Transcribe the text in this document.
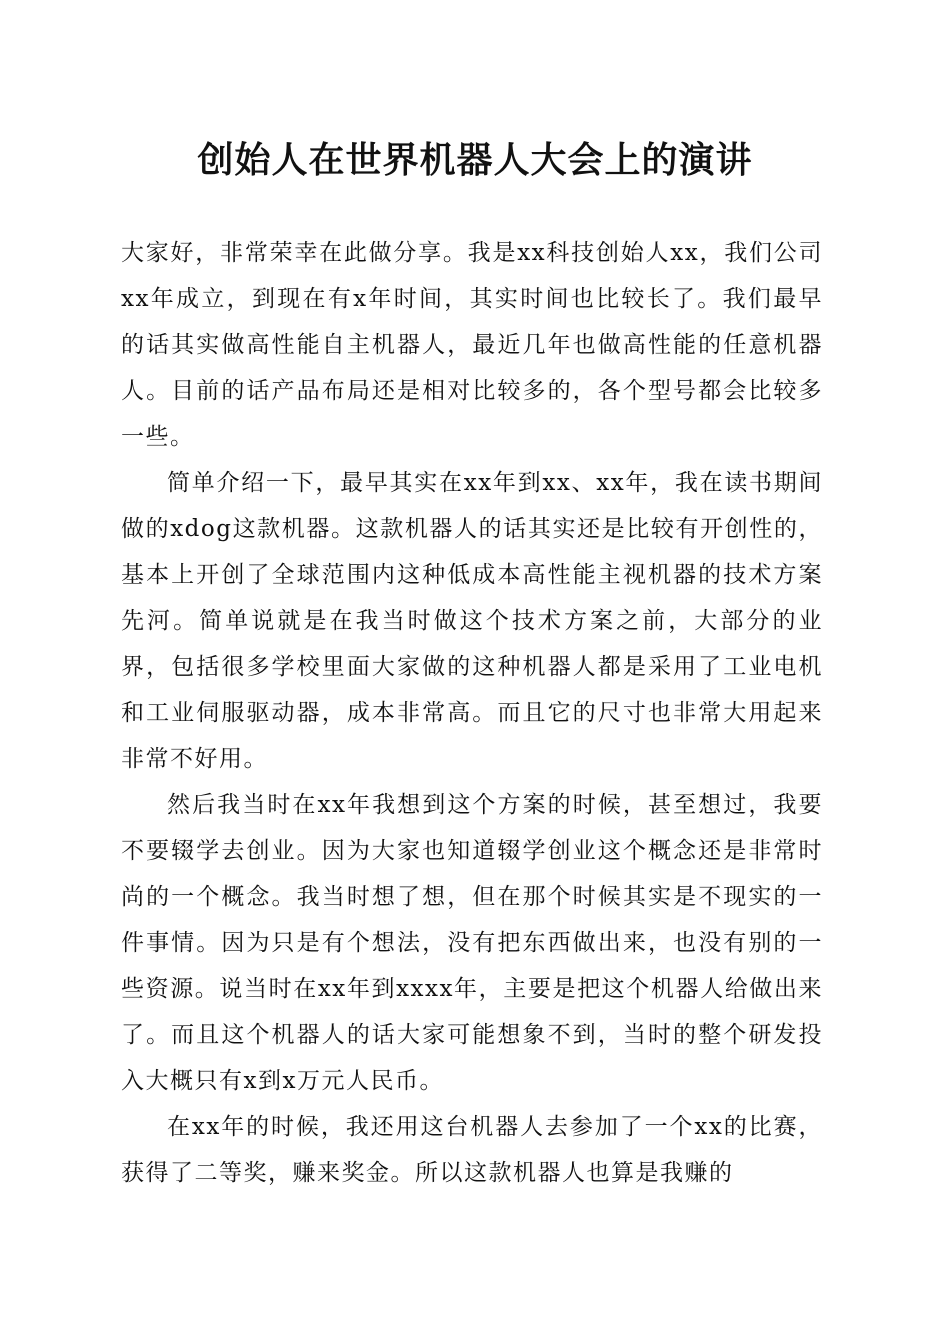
创始人在世界机器人大会上的演讲

大家好，非常荣幸在此做分享。我是xx科技创始人xx，我们公司xx年成立，到现在有x年时间，其实时间也比较长了。我们最早的话其实做高性能自主机器人，最近几年也做高性能的任意机器人。目前的话产品布局还是相对比较多的，各个型号都会比较多一些。

简单介绍一下，最早其实在xx年到xx、xx年，我在读书期间做的xdog这款机器。这款机器人的话其实还是比较有开创性的，基本上开创了全球范围内这种低成本高性能主视机器的技术方案先河。简单说就是在我当时做这个技术方案之前，大部分的业界，包括很多学校里面大家做的这种机器人都是采用了工业电机和工业伺服驱动器，成本非常高。而且它的尺寸也非常大用起来非常不好用。

然后我当时在xx年我想到这个方案的时候，甚至想过，我要不要辍学去创业。因为大家也知道辍学创业这个概念还是非常时尚的一个概念。我当时想了想，但在那个时候其实是不现实的一件事情。因为只是有个想法，没有把东西做出来，也没有别的一些资源。说当时在xx年到xxxx年，主要是把这个机器人给做出来了。而且这个机器人的话大家可能想象不到，当时的整个研发投入大概只有x到x万元人民币。

在xx年的时候，我还用这台机器人去参加了一个xx的比赛，获得了二等奖，赚来奖金。所以这款机器人也算是我赚的
